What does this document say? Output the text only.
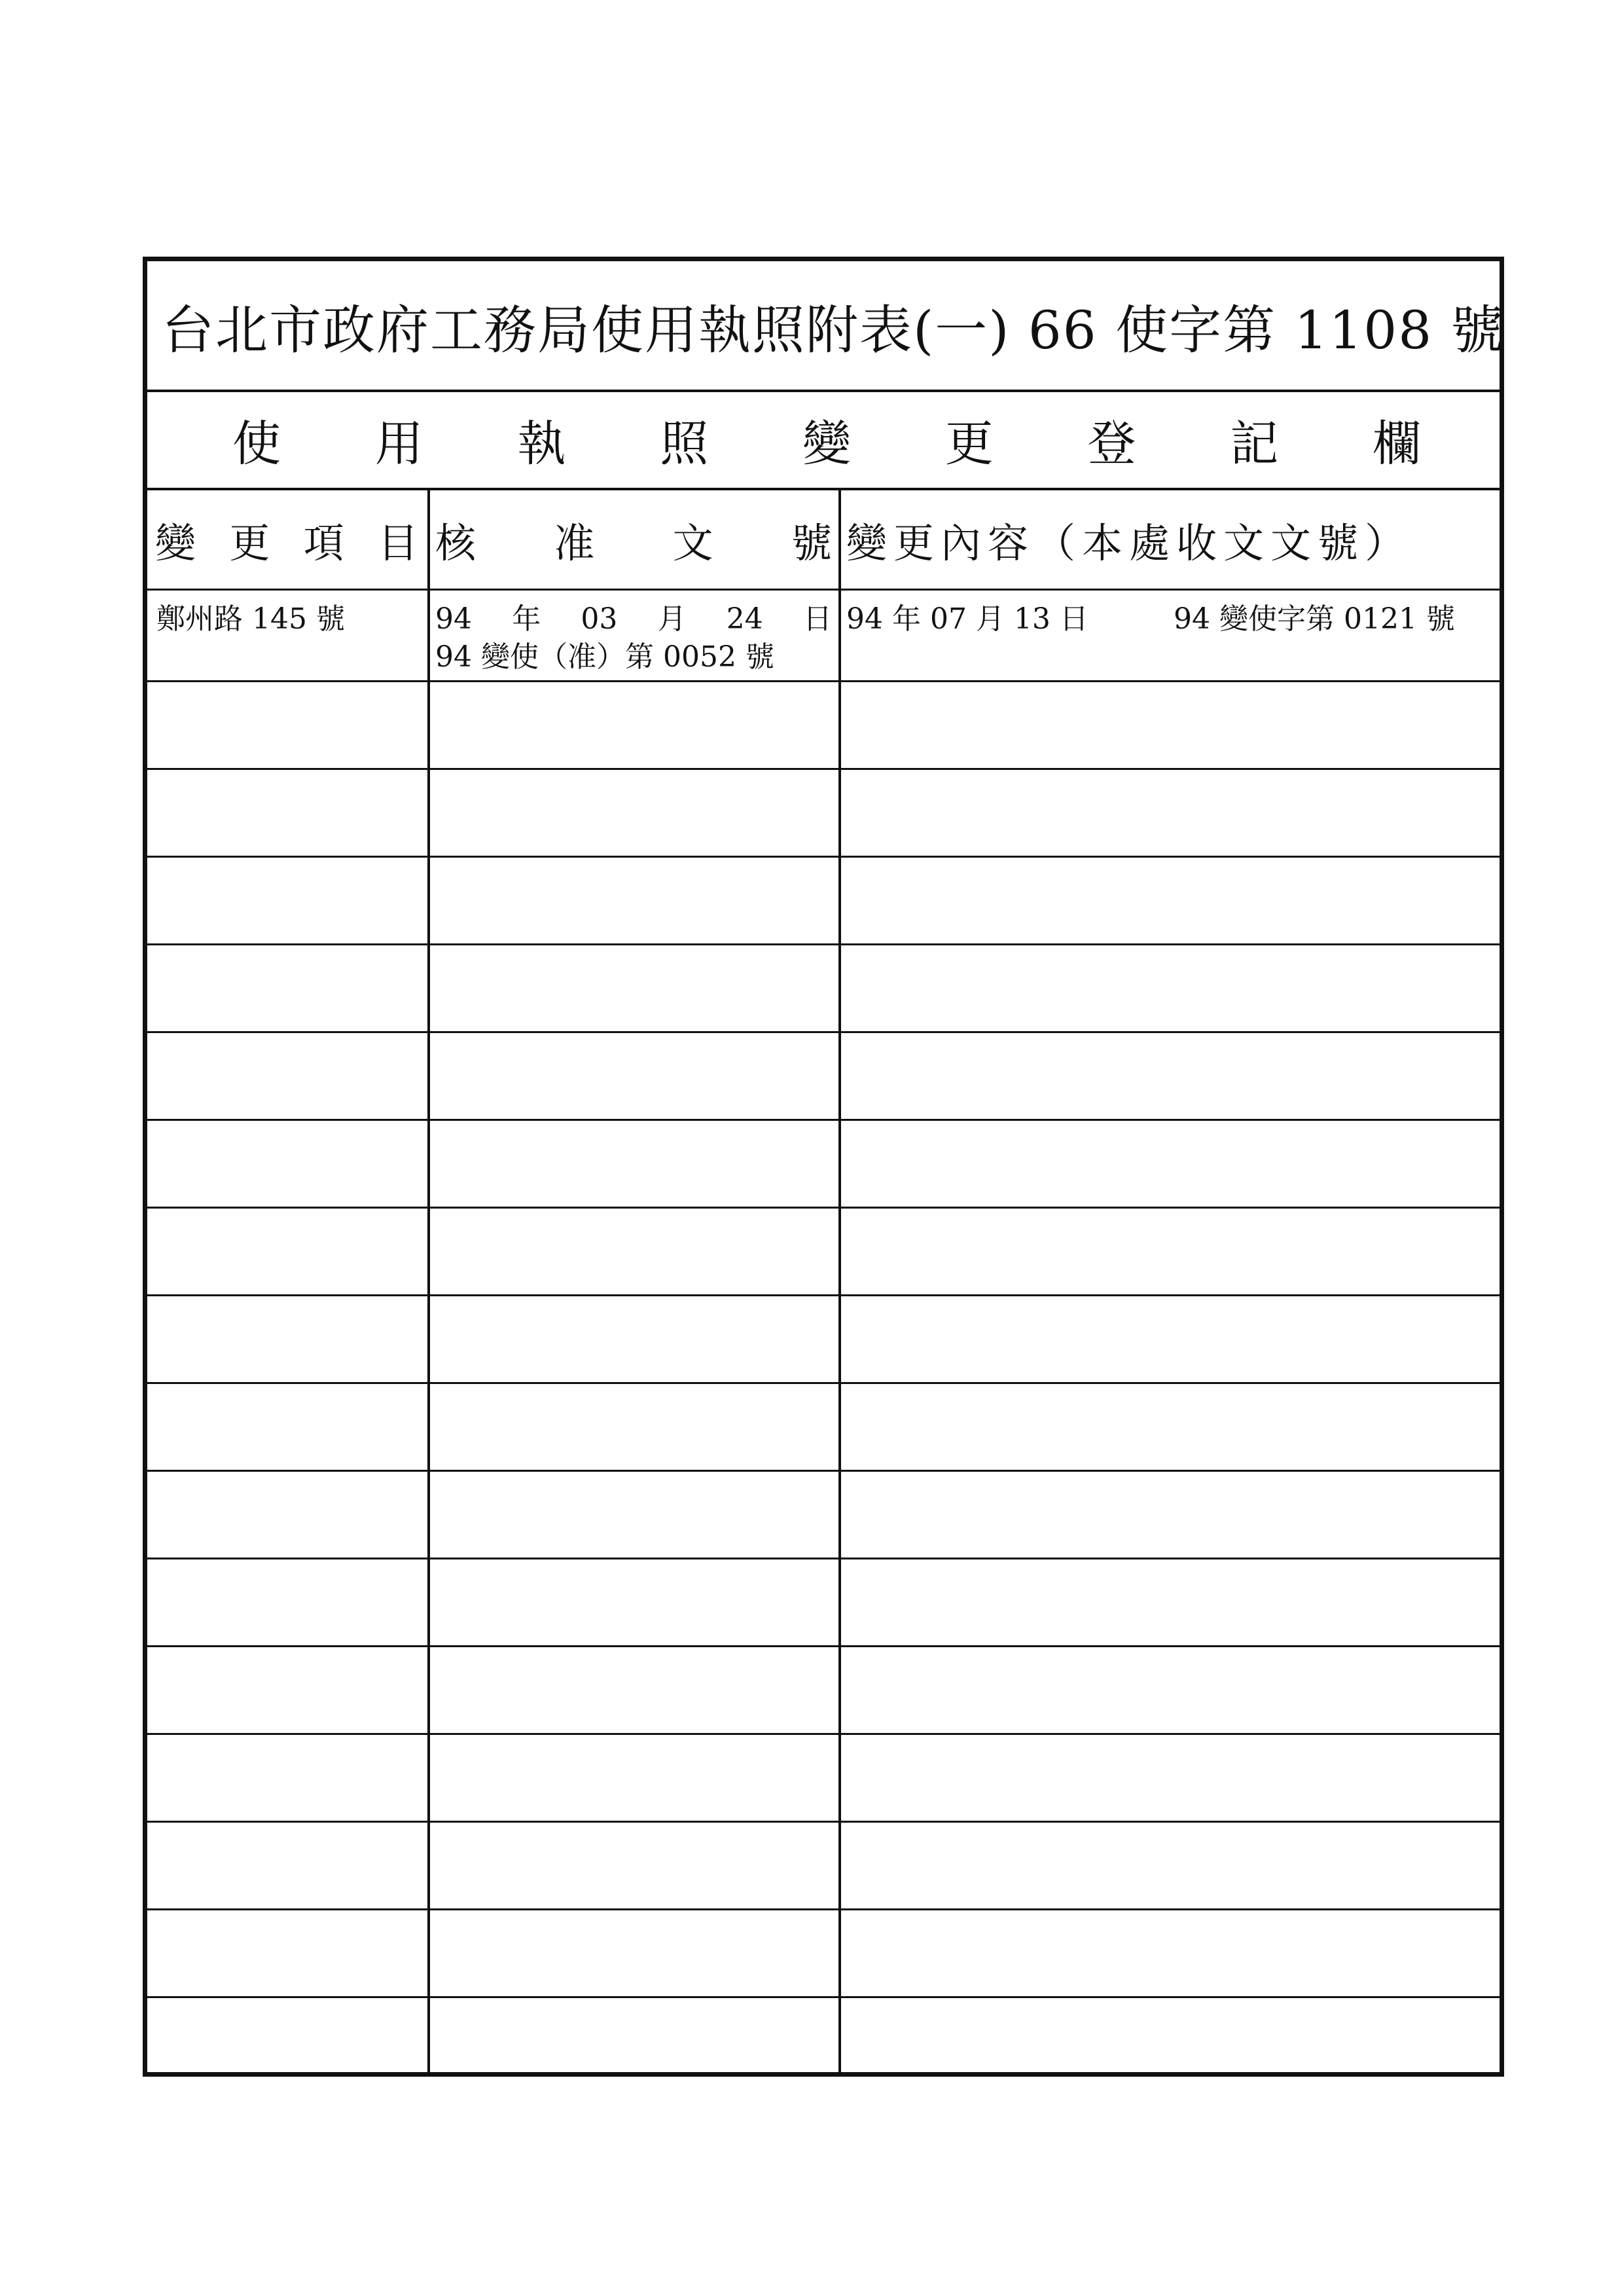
台北市政府工務局使用執照附表(一) 66 使字第 1108 號
使 用 執 照 變 更 登 記 欄
變 更 項 目 核 准 文 號 變更內容（本處收文文號）
鄭州路 145 號	94 年 03 月 24 日
94 變使（准）第 0052 號
94 年 07 月 13 日	94 變使字第 0121 號
